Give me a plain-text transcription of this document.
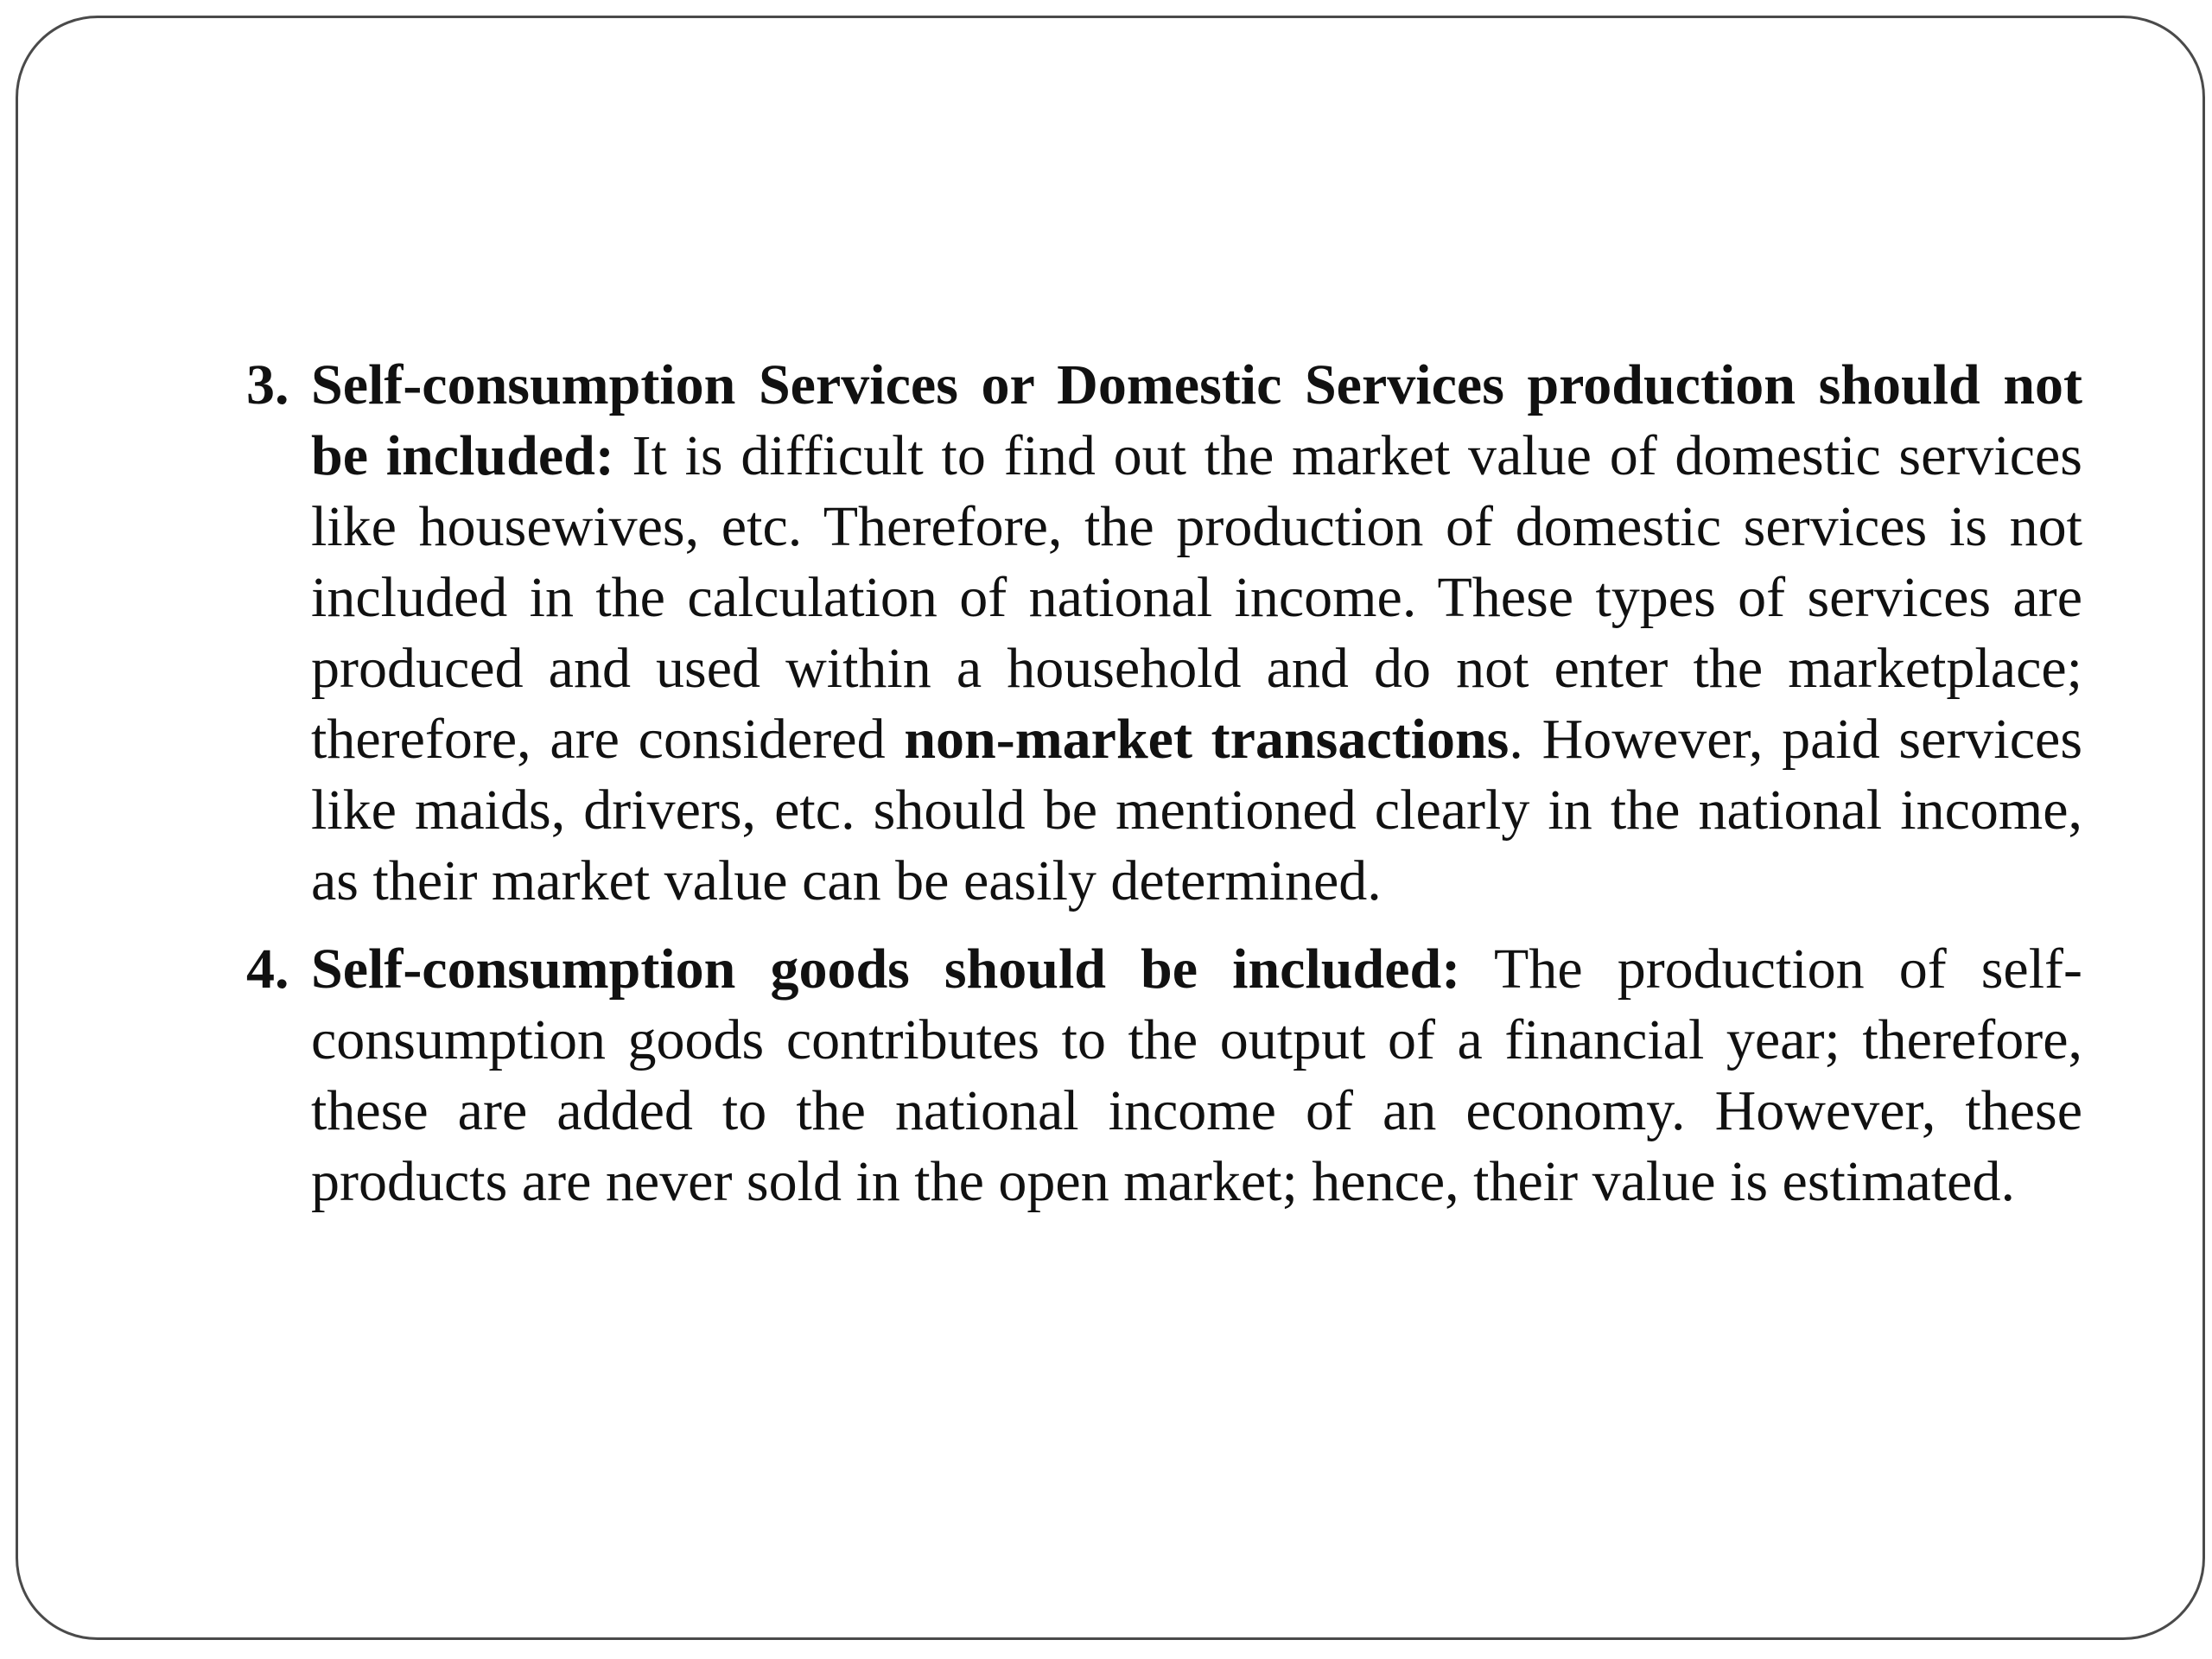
3. Self-consumption Services or Domestic Services production should not be included: It is difficult to find out the market value of domestic services like housewives, etc. Therefore, the production of domestic services is not included in the calculation of national income. These types of services are produced and used within a household and do not enter the marketplace; therefore, are considered non-market transactions. However, paid services like maids, drivers, etc. should be mentioned clearly in the national income, as their market value can be easily determined.
4. Self-consumption goods should be included: The production of self-consumption goods contributes to the output of a financial year; therefore, these are added to the national income of an economy. However, these products are never sold in the open market; hence, their value is estimated.
